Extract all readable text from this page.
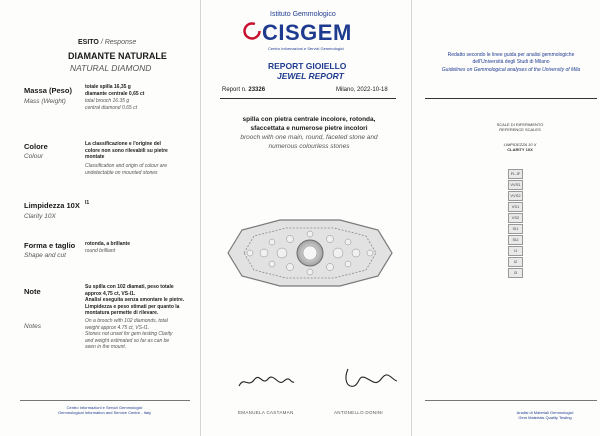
ESITO / Response
DIAMANTE NATURALE
NATURAL DIAMOND
Massa (Peso)
Mass (Weight)
totale spilla 16,35 g
diamante centrale 0,65 ct
total brooch 16.35 g
central diamond 0.65 ct
Colore
Colour
La classificazione e l'origine del
colore non sono rilevabili su pietre
montate
Classification and origin of colour are
undetectable on mounted stones
Limpidezza 10X
Clarity 10X
I1
Forma e taglio
Shape and cut
rotonda, a brillante
round brilliant
Note
Notes
Su spilla con 102 diamati, peso totale
approx 4,75 ct, VS-I1.
Analisi eseguita senza smontare le pietre.
Limpidezza e peso stimati per quanto la
montatura permette di rilevare.
On a brooch with 102 diamonds, total
weight approx 4.75 ct, VS-I1.
Stones not unset for gem testing Clarity
and weight estimated so far as can be
seen in the mount.
Centro Informazioni e Servizi Gemmologici
Gemmological Information and Service Centre - Italy
Istituto Gemmologico
CISGEM
Centro Informazioni e Servizi Gemmologici
REPORT GIOIELLO
JEWEL REPORT
Report n. 23326	Milano, 2022-10-18
spilla con pietra centrale incolore, rotonda,
sfaccettata e numerose pietre incolori
brooch with one main, round, faceted stone and
numerous colourless stones
EMANUELA CASTAMAN	ANTONELLO DONINI
Redatto secondo le linee guida per analisi gemmologiche
dell'Università degli Studi di Milano
Guidelines on Gemmological analyses of the University of Mila
SCALE DI RIFERIMENTO
REFERENCE SCALES
LIMPIDEZZA 10 X
CLARITY 10X
FL-IF
VVS1
VVS2
VS1
VS2
SI1
SI2
I1
I2
I3
Analisi di Materiali Gemmologici
Gem Materials Quality Testing
